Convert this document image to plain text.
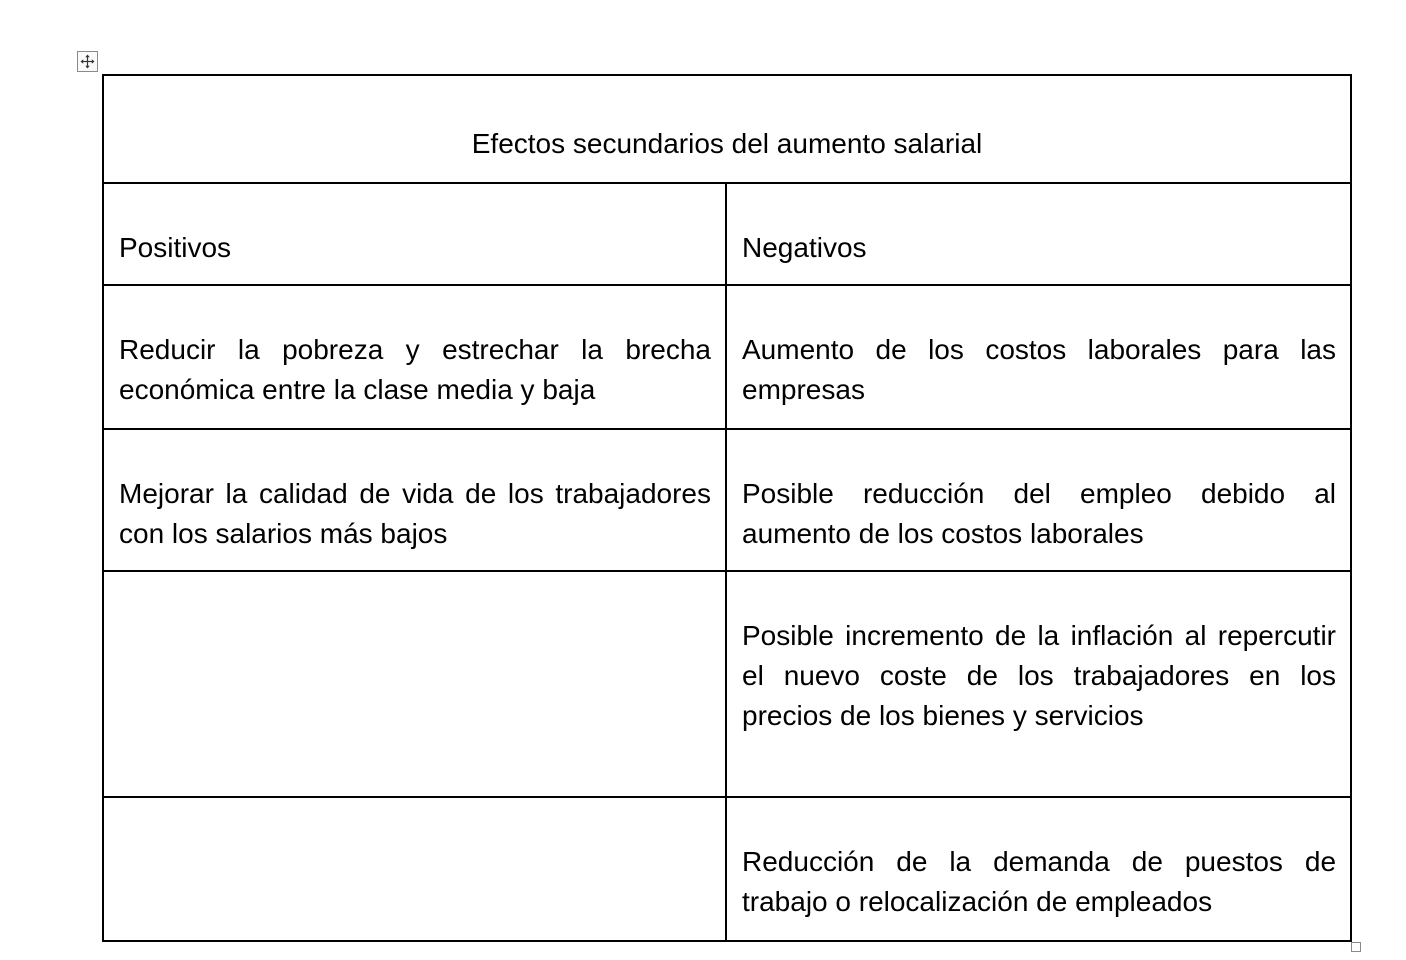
Efectos secundarios del aumento salarial	
Positivos	Negativos
Reducir la pobreza y estrechar la brecha económica entre la clase media y baja	Aumento de los costos laborales para las empresas
Mejorar la calidad de vida de los trabajadores con los salarios más bajos	Posible reducción del empleo debido al aumento de los costos laborales
	Posible incremento de la inflación al repercutir el nuevo coste de los trabajadores en los precios de los bienes y servicios
	Reducción de la demanda de puestos de trabajo o relocalización de empleados
